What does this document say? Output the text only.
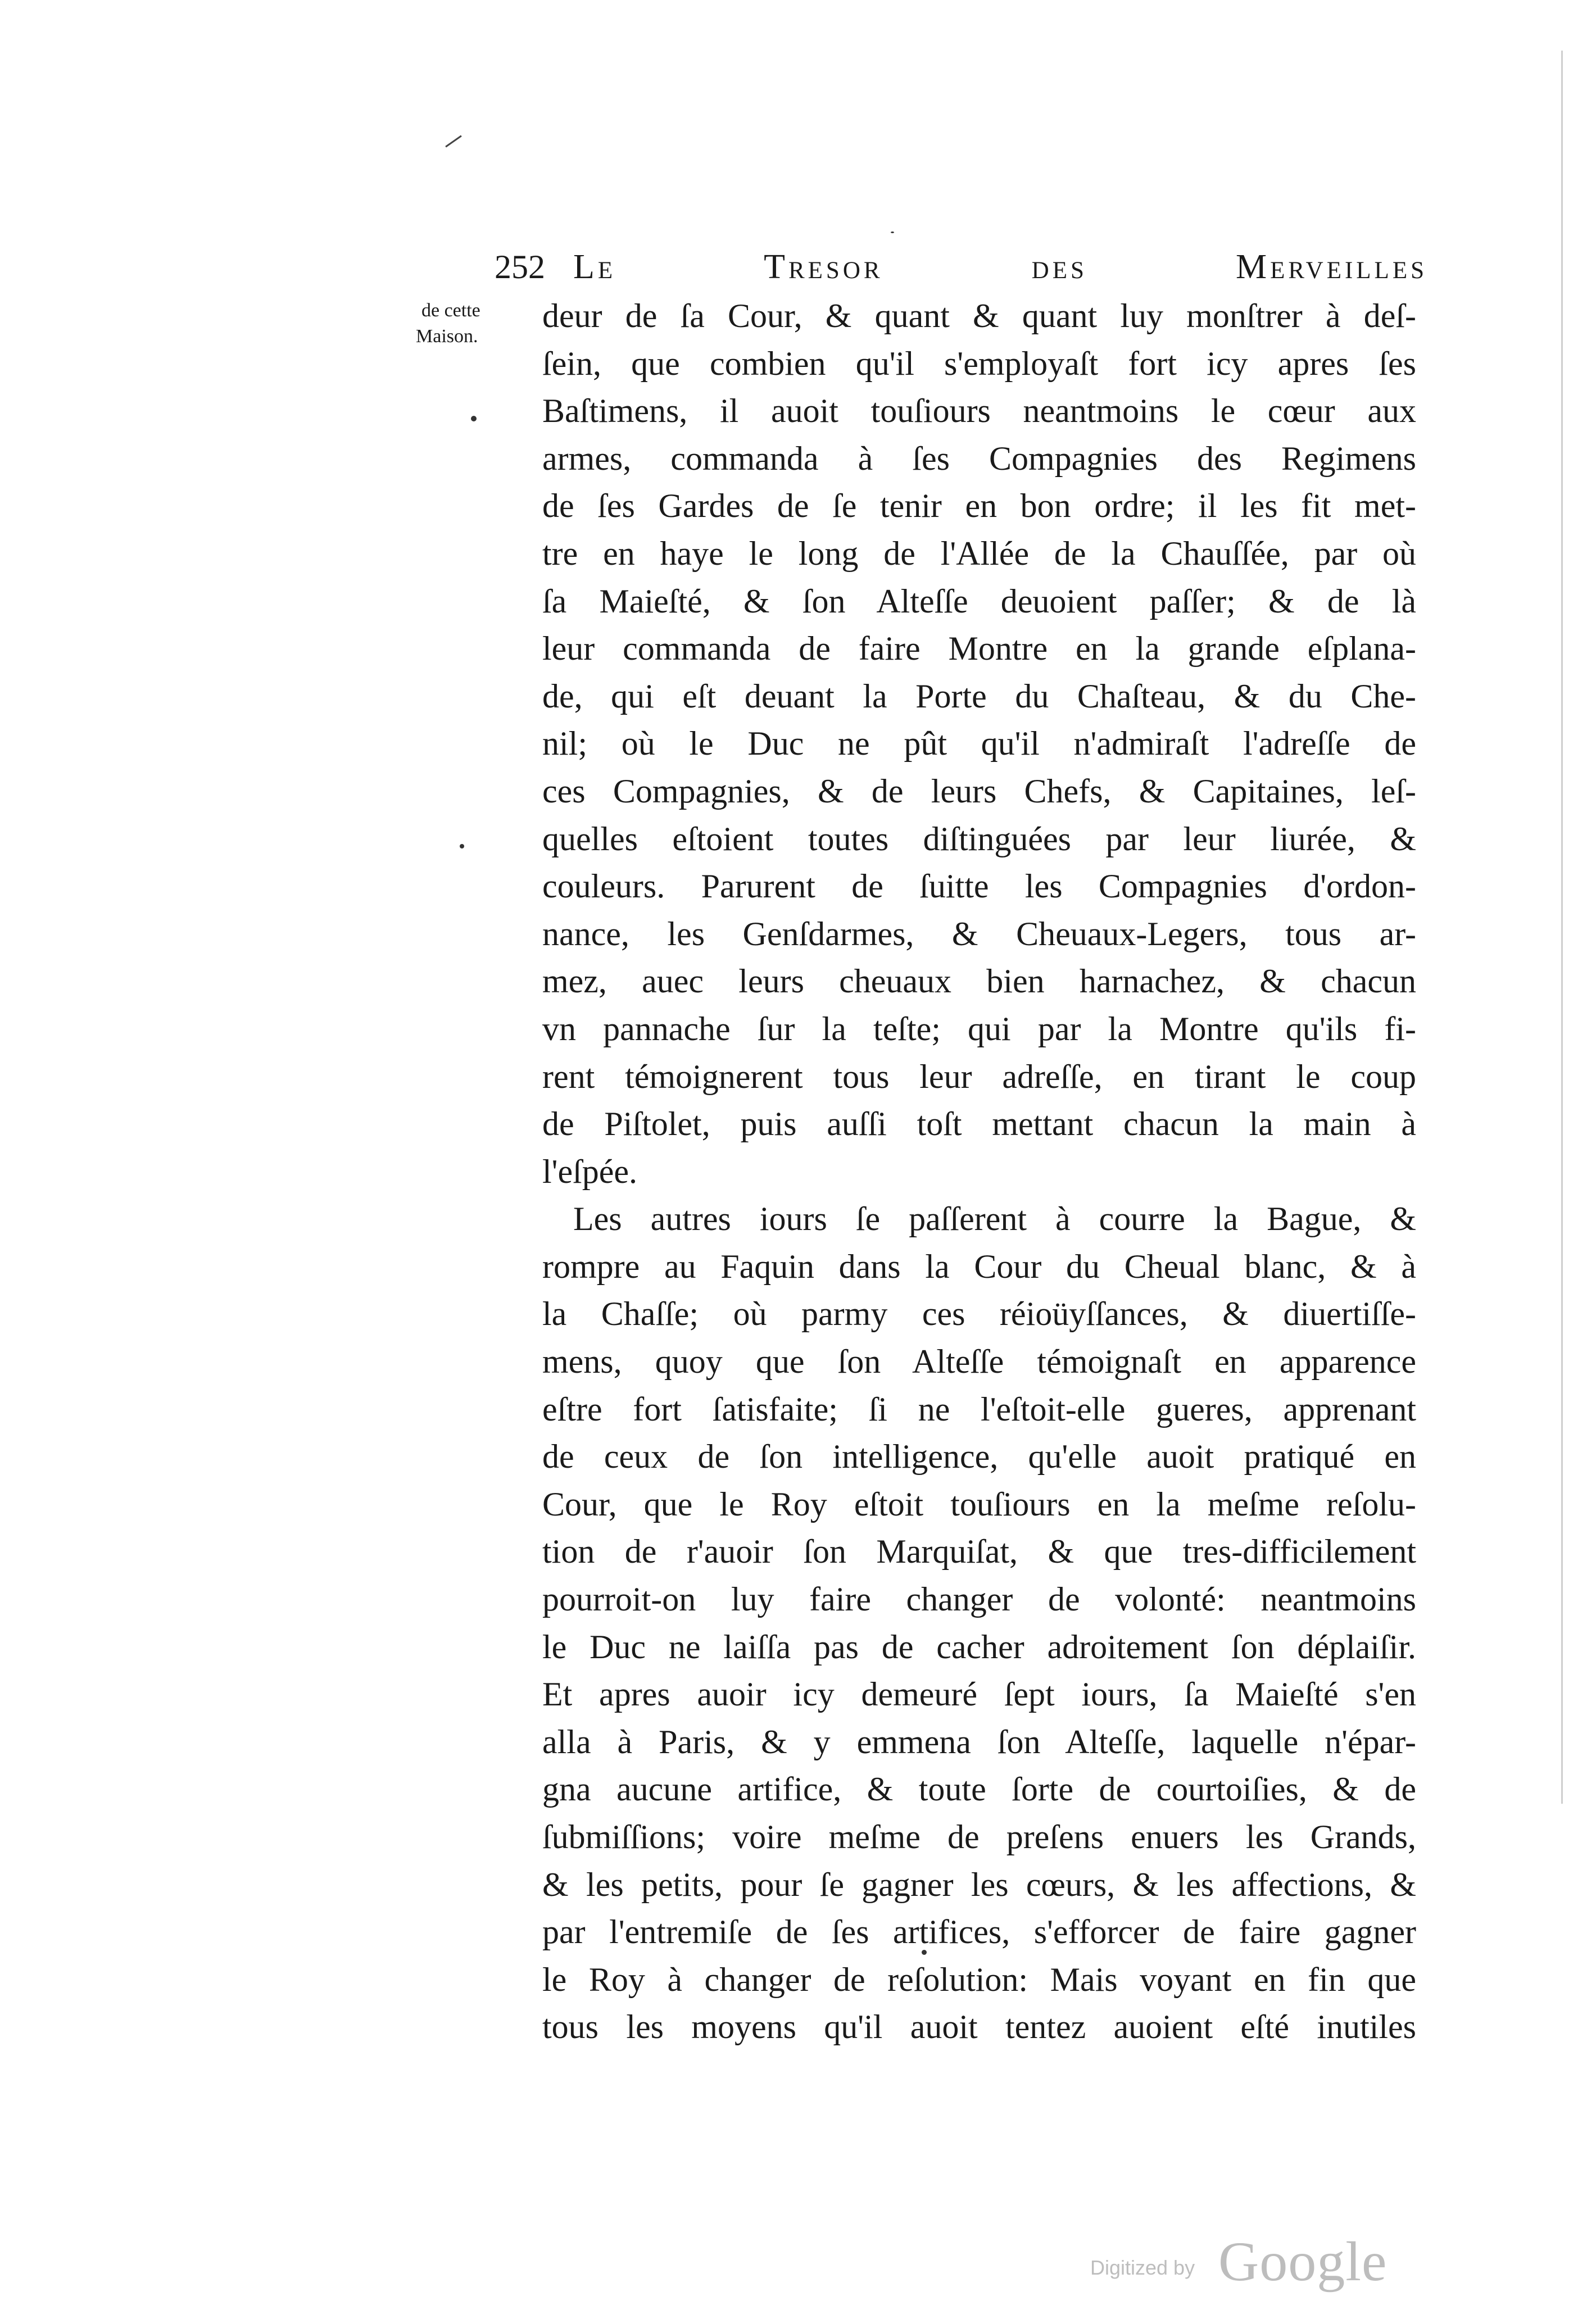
252 Le Tresor des Merveilles
de cette
Maison.
deur de ſa Cour, & quant & quant luy monſtrer à deſ-
ſein, que combien qu'il s'employaſt fort icy apres ſes
Baſtimens, il auoit touſiours neantmoins le cœur aux
armes, commanda à ſes Compagnies des Regimens
de ſes Gardes de ſe tenir en bon ordre; il les fit met-
tre en haye le long de l'Allée de la Chauſſée, par où
ſa Maieſté, & ſon Alteſſe deuoient paſſer; & de là
leur commanda de faire Montre en la grande eſplana-
de, qui eſt deuant la Porte du Chaſteau, & du Che-
nil; où le Duc ne pût qu'il n'admiraſt l'adreſſe de
ces Compagnies, & de leurs Chefs, & Capitaines, leſ-
quelles eſtoient toutes diſtinguées par leur liurée, &
couleurs. Parurent de ſuitte les Compagnies d'ordon-
nance, les Genſdarmes, & Cheuaux-Legers, tous ar-
mez, auec leurs cheuaux bien harnachez, & chacun
vn pannache ſur la teſte; qui par la Montre qu'ils fi-
rent témoignerent tous leur adreſſe, en tirant le coup
de Piſtolet, puis auſſi toſt mettant chacun la main à
l'eſpée.
Les autres iours ſe paſſerent à courre la Bague, &
rompre au Faquin dans la Cour du Cheual blanc, & à
la Chaſſe; où parmy ces réioüyſſances, & diuertiſſe-
mens, quoy que ſon Alteſſe témoignaſt en apparence
eſtre fort ſatisfaite; ſi ne l'eſtoit-elle gueres, apprenant
de ceux de ſon intelligence, qu'elle auoit pratiqué en
Cour, que le Roy eſtoit touſiours en la meſme reſolu-
tion de r'auoir ſon Marquiſat, & que tres-difficilement
pourroit-on luy faire changer de volonté: neantmoins
le Duc ne laiſſa pas de cacher adroitement ſon déplaiſir.
Et apres auoir icy demeuré ſept iours, ſa Maieſté s'en
alla à Paris, & y emmena ſon Alteſſe, laquelle n'épar-
gna aucune artifice, & toute ſorte de courtoiſies, & de
ſubmiſſions; voire meſme de preſens enuers les Grands,
& les petits, pour ſe gagner les cœurs, & les affections, &
par l'entremiſe de ſes artifices, s'efforcer de faire gagner
le Roy à changer de reſolution: Mais voyant en fin que
tous les moyens qu'il auoit tentez auoient eſté inutiles
Digitized by Google
